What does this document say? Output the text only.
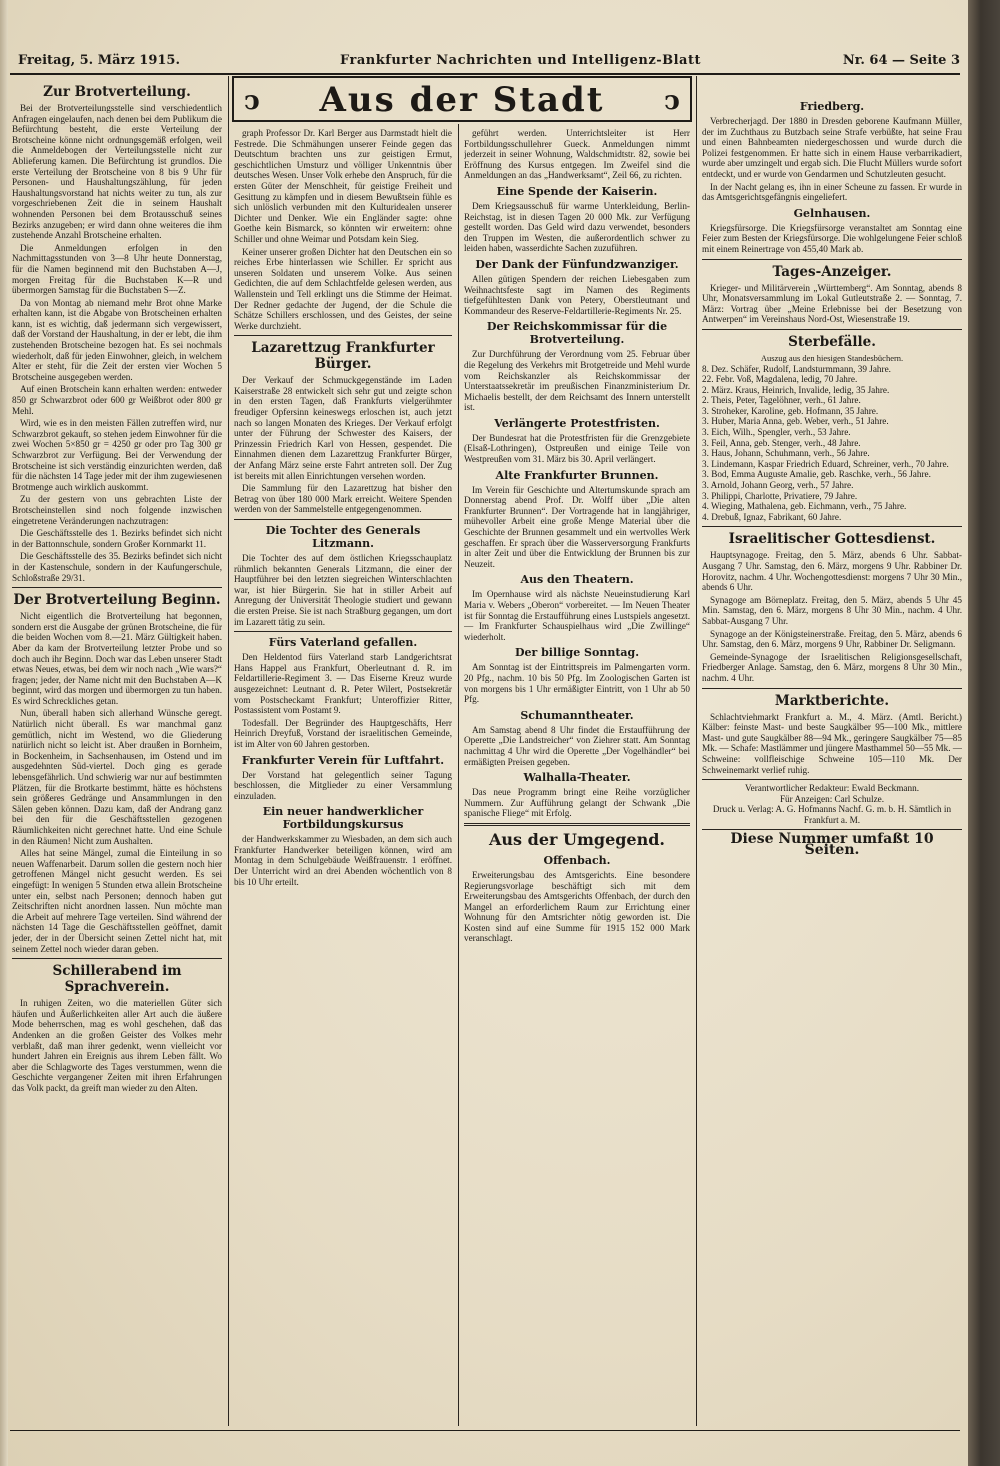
Freitag, 5. März 1915.	Frankfurter Nachrichten und Intelligenz-Blatt	Nr. 64 — Seite 3
ↄ	Aus der Stadt	ↄ
Zur Brotverteilung.

Bei der Brotverteilungsstelle sind verschiedentlich Anfragen eingelaufen, nach denen bei dem Publikum die Befürchtung besteht, die erste Verteilung der Brotscheine könne nicht ordnungsgemäß erfolgen, weil die Anmeldebogen der Verteilungsstelle nicht zur Ablieferung kamen. Die Befürchtung ist grundlos. Die erste Verteilung der Brotscheine von 8 bis 9 Uhr für Personen- und Haushaltungszählung, für jeden Haushaltungsvorstand hat nichts weiter zu tun, als zur vorgeschriebenen Zeit die in seinem Haushalt wohnenden Personen bei dem Brotausschuß seines Bezirks anzugeben; er wird dann ohne weiteres die ihm zustehende Anzahl Brotscheine erhalten.

Die Anmeldungen erfolgen in den Nachmittagsstunden von 3—8 Uhr heute Donnerstag, für die Namen beginnend mit den Buchstaben A—J, morgen Freitag für die Buchstaben K—R und übermorgen Samstag für die Buchstaben S—Z.

Da von Montag ab niemand mehr Brot ohne Marke erhalten kann, ist die Abgabe von Brotscheinen erhalten kann, ist es wichtig, daß jedermann sich vergewissert, daß der Vorstand der Haushaltung, in der er lebt, die ihm zustehenden Brotscheine bezogen hat. Es sei nochmals wiederholt, daß für jeden Einwohner, gleich, in welchem Alter er steht, für die Zeit der ersten vier Wochen 5 Brotscheine ausgegeben werden.

Auf einen Brotschein kann erhalten werden: entweder 850 gr Schwarzbrot oder 600 gr Weißbrot oder 800 gr Mehl.

Wird, wie es in den meisten Fällen zutreffen wird, nur Schwarzbrot gekauft, so stehen jedem Einwohner für die zwei Wochen 5×850 gr = 4250 gr oder pro Tag 300 gr Schwarzbrot zur Verfügung. Bei der Verwendung der Brotscheine ist sich verständig einzurichten werden, daß für die nächsten 14 Tage jeder mit der ihm zugewiesenen Brotmenge auch wirklich auskommt.

Zu der gestern von uns gebrachten Liste der Brotscheinstellen sind noch folgende inzwischen eingetretene Veränderungen nachzutragen:

Die Geschäftsstelle des 1. Bezirks befindet sich nicht in der Battonnschule, sondern Großer Kornmarkt 11.

Die Geschäftsstelle des 35. Bezirks befindet sich nicht in der Kastenschule, sondern in der Kaufungerschule, Schloßstraße 29/31.

Der Brotverteilung Beginn.

Nicht eigentlich die Brotverteilung hat begonnen, sondern erst die Ausgabe der grünen Brotscheine, die für die beiden Wochen vom 8.—21. März Gültigkeit haben. Aber da kam der Brotverteilung letzter Probe und so doch auch ihr Beginn. Doch war das Leben unserer Stadt etwas Neues, etwas, bei dem wir noch nach „Wie wars?“ fragen; jeder, der Name nicht mit den Buchstaben A—K beginnt, wird das morgen und übermorgen zu tun haben. Es wird Schreckliches getan.

Nun, überall haben sich allerhand Wünsche geregt. Natürlich nicht überall. Es war manchmal ganz gemütlich, nicht im Westend, wo die Gliederung natürlich nicht so leicht ist. Aber draußen in Bornheim, in Bockenheim, in Sachsenhausen, im Ostend und im ausgedehnten Süd-viertel. Doch ging es gerade lebensgefährlich. Und schwierig war nur auf bestimmten Plätzen, für die Brotkarte bestimmt, hätte es höchstens sein größeres Gedränge und Ansammlungen in den Sälen geben können. Dazu kam, daß der Andrang ganz bei den für die Geschäftsstellen gezogenen Räumlichkeiten nicht gerechnet hatte. Und eine Schule in den Räumen! Nicht zum Aushalten.

Alles hat seine Mängel, zumal die Einteilung in so neuen Waffenarbeit. Darum sollen die gestern noch hier getroffenen Mängel nicht gesucht werden. Es sei eingefügt: In wenigen 5 Stunden etwa allein Brotscheine unter ein, selbst nach Personen; dennoch haben gut Zeitschriften nicht anordnen lassen. Nun möchte man die Arbeit auf mehrere Tage verteilen. Sind während der nächsten 14 Tage die Geschäftsstellen geöffnet, damit jeder, der in der Übersicht seinen Zettel nicht hat, mit seinem Zettel noch wieder daran geben.

Schillerabend im Sprachverein.

In ruhigen Zeiten, wo die materiellen Güter sich häufen und Äußerlichkeiten aller Art auch die äußere Mode beherrschen, mag es wohl geschehen, daß das Andenken an die großen Geister des Volkes mehr verblaßt, daß man ihrer gedenkt, wenn vielleicht vor hundert Jahren ein Ereignis aus ihrem Leben fällt. Wo aber die Schlagworte des Tages verstummen, wenn die Geschichte vergangener Zeiten mit ihren Erfahrungen das Volk packt, da greift man wieder zu den Alten.

graph Professor Dr. Karl Berger aus Darmstadt hielt die Festrede. Die Schmähungen unserer Feinde gegen das Deutschtum brachten uns zur geistigen Ermut, geschichtlichen Umsturz und völliger Unkenntnis über deutsches Wesen. Unser Volk erhebe den Anspruch, für die ersten Güter der Menschheit, für geistige Freiheit und Gesittung zu kämpfen und in diesem Bewußtsein fühle es sich unlöslich verbunden mit den Kulturidealen unserer Dichter und Denker. Wie ein Engländer sagte: ohne Goethe kein Bismarck, so könnten wir erweitern: ohne Schiller und ohne Weimar und Potsdam kein Sieg.

Keiner unserer großen Dichter hat den Deutschen ein so reiches Erbe hinterlassen wie Schiller. Er spricht aus unseren Soldaten und unserem Volke. Aus seinen Gedichten, die auf dem Schlachtfelde gelesen werden, aus Wallenstein und Tell erklingt uns die Stimme der Heimat. Der Redner gedachte der Jugend, der die Schule die Schätze Schillers erschlossen, und des Geistes, der seine Werke durchzieht.

Lazarettzug Frankfurter Bürger.

Der Verkauf der Schmuckgegenstände im Laden Kaiserstraße 28 entwickelt sich sehr gut und zeigte schon in den ersten Tagen, daß Frankfurts vielgerühmter freudiger Opfersinn keineswegs erloschen ist, auch jetzt nach so langen Monaten des Krieges. Der Verkauf erfolgt unter der Führung der Schwester des Kaisers, der Prinzessin Friedrich Karl von Hessen, gespendet. Die Einnahmen dienen dem Lazarettzug Frankfurter Bürger, der Anfang März seine erste Fahrt antreten soll. Der Zug ist bereits mit allen Einrichtungen versehen worden.

Die Sammlung für den Lazarettzug hat bisher den Betrag von über 180 000 Mark erreicht. Weitere Spenden werden von der Sammelstelle entgegengenommen.

Die Tochter des Generals Litzmann.

Die Tochter des auf dem östlichen Kriegsschauplatz rühmlich bekannten Generals Litzmann, die einer der Hauptführer bei den letzten siegreichen Winterschlachten war, ist hier Bürgerin. Sie hat in stiller Arbeit auf Anregung der Universität Theologie studiert und gewann die ersten Preise. Sie ist nach Straßburg gegangen, um dort im Lazarett tätig zu sein.

Fürs Vaterland gefallen.

Den Heldentod fürs Vaterland starb Landgerichtsrat Hans Happel aus Frankfurt, Oberleutnant d. R. im Feldartillerie-Regiment 3. — Das Eiserne Kreuz wurde ausgezeichnet: Leutnant d. R. Peter Wilert, Postsekretär vom Postscheckamt Frankfurt; Unteroffizier Ritter, Postassistent vom Postamt 9.

Todesfall. Der Begründer des Hauptgeschäfts, Herr Heinrich Dreyfuß, Vorstand der israelitischen Gemeinde, ist im Alter von 60 Jahren gestorben.

Frankfurter Verein für Luftfahrt.

Der Vorstand hat gelegentlich seiner Tagung beschlossen, die Mitglieder zu einer Versammlung einzuladen.

Ein neuer handwerklicher Fortbildungskursus

der Handwerkskammer zu Wiesbaden, an dem sich auch Frankfurter Handwerker beteiligen können, wird am Montag in dem Schulgebäude Weißfrauenstr. 1 eröffnet. Der Unterricht wird an drei Abenden wöchentlich von 8 bis 10 Uhr erteilt.

geführt werden. Unterrichtsleiter ist Herr Fortbildungsschullehrer Gueck. Anmeldungen nimmt jederzeit in seiner Wohnung, Waldschmidtstr. 82, sowie bei Eröffnung des Kursus entgegen. Im Zweifel sind die Anmeldungen an das „Handwerksamt“, Zeil 66, zu richten.

Eine Spende der Kaiserin.

Dem Kriegsausschuß für warme Unterkleidung, Berlin-Reichstag, ist in diesen Tagen 20 000 Mk. zur Verfügung gestellt worden. Das Geld wird dazu verwendet, besonders den Truppen im Westen, die außerordentlich schwer zu leiden haben, wasserdichte Sachen zuzuführen.

Der Dank der Fünfundzwanziger.

Allen gütigen Spendern der reichen Liebesgaben zum Weihnachtsfeste sagt im Namen des Regiments tiefgefühltesten Dank von Petery, Oberstleutnant und Kommandeur des Reserve-Feldartillerie-Regiments Nr. 25.

Der Reichskommissar für die Brotverteilung.

Zur Durchführung der Verordnung vom 25. Februar über die Regelung des Verkehrs mit Brotgetreide und Mehl wurde vom Reichskanzler als Reichskommissar der Unterstaatssekretär im preußischen Finanzministerium Dr. Michaelis bestellt, der dem Reichsamt des Innern unterstellt ist.

Verlängerte Protestfristen.

Der Bundesrat hat die Protestfristen für die Grenzgebiete (Elsaß-Lothringen), Ostpreußen und einige Teile von Westpreußen vom 31. März bis 30. April verlängert.

Alte Frankfurter Brunnen.

Im Verein für Geschichte und Altertumskunde sprach am Donnerstag abend Prof. Dr. Wolff über „Die alten Frankfurter Brunnen“. Der Vortragende hat in langjähriger, mühevoller Arbeit eine große Menge Material über die Geschichte der Brunnen gesammelt und ein wertvolles Werk geschaffen. Er sprach über die Wasserversorgung Frankfurts in alter Zeit und über die Entwicklung der Brunnen bis zur Neuzeit.

Aus den Theatern.

Im Opernhause wird als nächste Neueinstudierung Karl Maria v. Webers „Oberon“ vorbereitet. — Im Neuen Theater ist für Sonntag die Erstaufführung eines Lustspiels angesetzt. — Im Frankfurter Schauspielhaus wird „Die Zwillinge“ wiederholt.

Der billige Sonntag.

Am Sonntag ist der Eintrittspreis im Palmengarten vorm. 20 Pfg., nachm. 10 bis 50 Pfg. Im Zoologischen Garten ist von morgens bis 1 Uhr ermäßigter Eintritt, von 1 Uhr ab 50 Pfg.

Schumanntheater.

Am Samstag abend 8 Uhr findet die Erstaufführung der Operette „Die Landstreicher“ von Ziehrer statt. Am Sonntag nachmittag 4 Uhr wird die Operette „Der Vogelhändler“ bei ermäßigten Preisen gegeben.

Walhalla-Theater.

Das neue Programm bringt eine Reihe vorzüglicher Nummern. Zur Aufführung gelangt der Schwank „Die spanische Fliege“ mit Erfolg.

Aus der Umgegend.
Offenbach.

Erweiterungsbau des Amtsgerichts. Eine besondere Regierungsvorlage beschäftigt sich mit dem Erweiterungsbau des Amtsgerichts Offenbach, der durch den Mangel an erforderlichem Raum zur Errichtung einer Wohnung für den Amtsrichter nötig geworden ist. Die Kosten sind auf eine Summe für 1915 152 000 Mark veranschlagt.

Friedberg.

Verbrecherjagd. Der 1880 in Dresden geborene Kaufmann Müller, der im Zuchthaus zu Butzbach seine Strafe verbüßte, hat seine Frau und einen Bahnbeamten niedergeschossen und wurde durch die Polizei festgenommen. Er hatte sich in einem Hause verbarrikadiert, wurde aber umzingelt und ergab sich. Die Flucht Müllers wurde sofort entdeckt, und er wurde von Gendarmen und Schutzleuten gesucht.

In der Nacht gelang es, ihn in einer Scheune zu fassen. Er wurde in das Amtsgerichtsgefängnis eingeliefert.

Gelnhausen.

Kriegsfürsorge. Die Kriegsfürsorge veranstaltet am Sonntag eine Feier zum Besten der Kriegsfürsorge. Die wohlgelungene Feier schloß mit einem Reinertrage von 455,40 Mark ab.

Tages-Anzeiger.

Krieger- und Militärverein „Württemberg“. Am Sonntag, abends 8 Uhr, Monatsversammlung im Lokal Gutleutstraße 2. — Sonntag, 7. März: Vortrag über „Meine Erlebnisse bei der Besetzung von Antwerpen“ im Vereinshaus Nord-Ost, Wiesenstraße 19.

Sterbefälle.
Auszug aus den hiesigen Standesbüchern.
8. Dez. Schäfer, Rudolf, Landsturmmann, 39 Jahre.
22. Febr. Voß, Magdalena, ledig, 70 Jahre.
2. März. Kraus, Heinrich, Invalide, ledig, 35 Jahre.
2. Theis, Peter, Tagelöhner, verh., 61 Jahre.
3. Stroheker, Karoline, geb. Hofmann, 35 Jahre.
3. Huber, Maria Anna, geb. Weber, verh., 51 Jahre.
3. Eich, Wilh., Spengler, verh., 53 Jahre.
3. Feil, Anna, geb. Stenger, verh., 48 Jahre.
3. Haus, Johann, Schuhmann, verh., 56 Jahre.
3. Lindemann, Kaspar Friedrich Eduard, Schreiner, verh., 70 Jahre.
3. Bod, Emma Auguste Amalie, geb. Raschke, verh., 56 Jahre.
3. Arnold, Johann Georg, verh., 57 Jahre.
3. Philippi, Charlotte, Privatiere, 79 Jahre.
4. Wieging, Mathalena, geb. Eichmann, verh., 75 Jahre.
4. Drebuß, Ignaz, Fabrikant, 60 Jahre.
Israelitischer Gottesdienst.

Hauptsynagoge. Freitag, den 5. März, abends 6 Uhr. Sabbat-Ausgang 7 Uhr. Samstag, den 6. März, morgens 9 Uhr. Rabbiner Dr. Horovitz, nachm. 4 Uhr. Wochengottesdienst: morgens 7 Uhr 30 Min., abends 6 Uhr.

Synagoge am Börneplatz. Freitag, den 5. März, abends 5 Uhr 45 Min. Samstag, den 6. März, morgens 8 Uhr 30 Min., nachm. 4 Uhr. Sabbat-Ausgang 7 Uhr.

Synagoge an der Königsteinerstraße. Freitag, den 5. März, abends 6 Uhr. Samstag, den 6. März, morgens 9 Uhr, Rabbiner Dr. Seligmann.

Gemeinde-Synagoge der Israelitischen Religionsgesellschaft, Friedberger Anlage. Samstag, den 6. März, morgens 8 Uhr 30 Min., nachm. 4 Uhr.

Marktberichte.

Schlachtviehmarkt Frankfurt a. M., 4. März. (Amtl. Bericht.) Kälber: feinste Mast- und beste Saugkälber 95—100 Mk., mittlere Mast- und gute Saugkälber 88—94 Mk., geringere Saugkälber 75—85 Mk. — Schafe: Mastlämmer und jüngere Masthammel 50—55 Mk. — Schweine: vollfleischige Schweine 105—110 Mk. Der Schweinemarkt verlief ruhig.

Verantwortlicher Redakteur: Ewald Beckmann.
Für Anzeigen: Carl Schulze.
Druck u. Verlag: A. G. Hofmanns Nachf. G. m. b. H. Sämtlich in Frankfurt a. M.
Diese Nummer umfaßt 10 Seiten.
